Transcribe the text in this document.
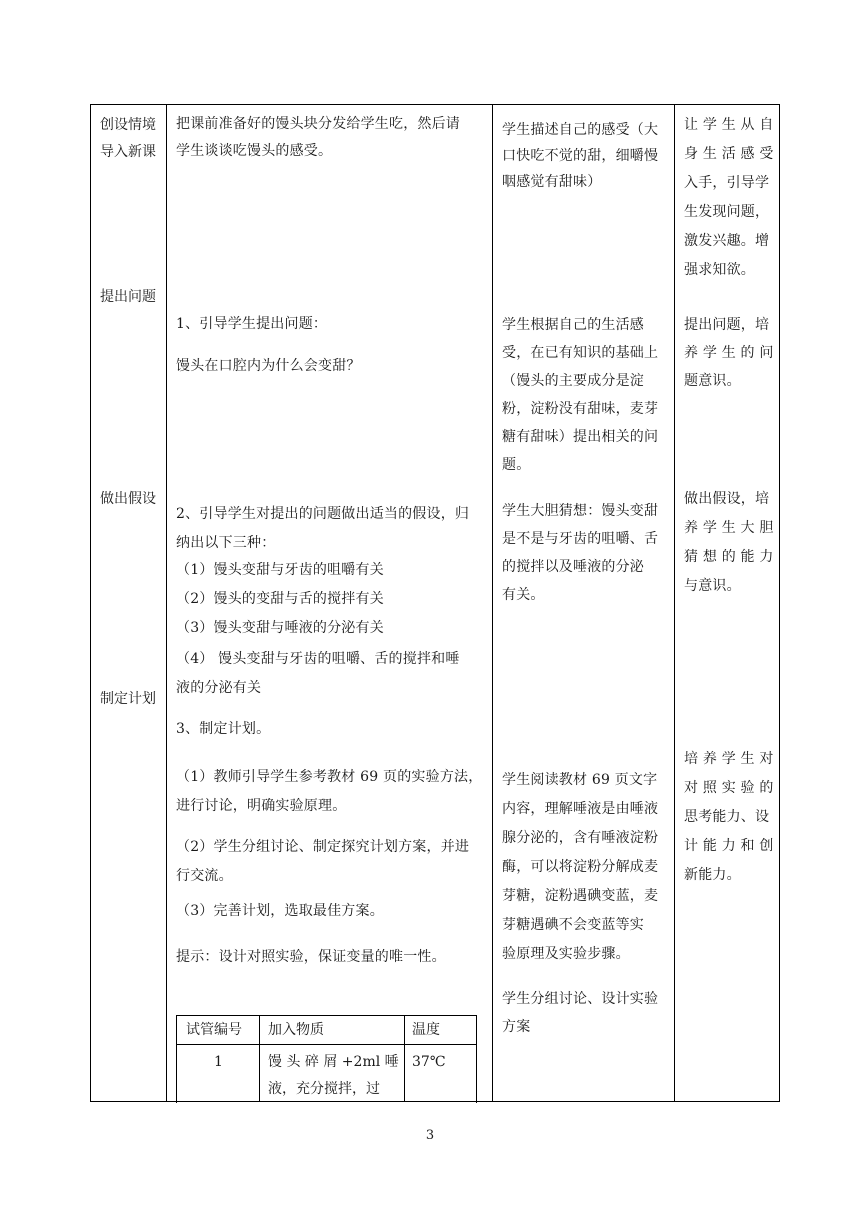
创设情境
导入新课
提出问题
做出假设
制定计划

把课前准备好的馒头块分发给学生吃，然后请

学生谈谈吃馒头的感受。

1、引导学生提出问题：

馒头在口腔内为什么会变甜？

2、引导学生对提出的问题做出适当的假设，归

纳出以下三种：

（1）馒头变甜与牙齿的咀嚼有关

（2）馒头的变甜与舌的搅拌有关

（3）馒头变甜与唾液的分泌有关

（4） 馒头变甜与牙齿的咀嚼、舌的搅拌和唾

液的分泌有关

3、制定计划。

（1）教师引导学生参考教材 69 页的实验方法，

进行讨论，明确实验原理。

（2）学生分组讨论、制定探究计划方案，并进

行交流。

（3）完善计划，选取最佳方案。

提示：设计对照实验，保证变量的唯一性。

试管编号 加入物质	温度
1	馒 头 碎 屑 +2ml 唾

液，充分搅拌，过

37℃

学生描述自己的感受（大

口快吃不觉的甜，细嚼慢

咽感觉有甜味）

学生根据自己的生活感

受，在已有知识的基础上

（馒头的主要成分是淀

粉，淀粉没有甜味，麦芽

糖有甜味）提出相关的问

题。

学生大胆猜想：馒头变甜

是不是与牙齿的咀嚼、舌

的搅拌以及唾液的分泌

有关。

学生阅读教材 69 页文字

内容，理解唾液是由唾液

腺分泌的，含有唾液淀粉

酶，可以将淀粉分解成麦

芽糖，淀粉遇碘变蓝，麦

芽糖遇碘不会变蓝等实

验原理及实验步骤。

学生分组讨论、设计实验

方案

让 学 生 从 自

身 生 活 感 受

入手，引导学

生发现问题，

激发兴趣。增

强求知欲。

提出问题，培

养 学 生 的 问

题意识。

做出假设，培

养 学 生 大 胆

猜 想 的 能 力

与意识。

培 养 学 生 对

对 照 实 验 的

思考能力、设

计 能 力 和 创

新能力。

3
